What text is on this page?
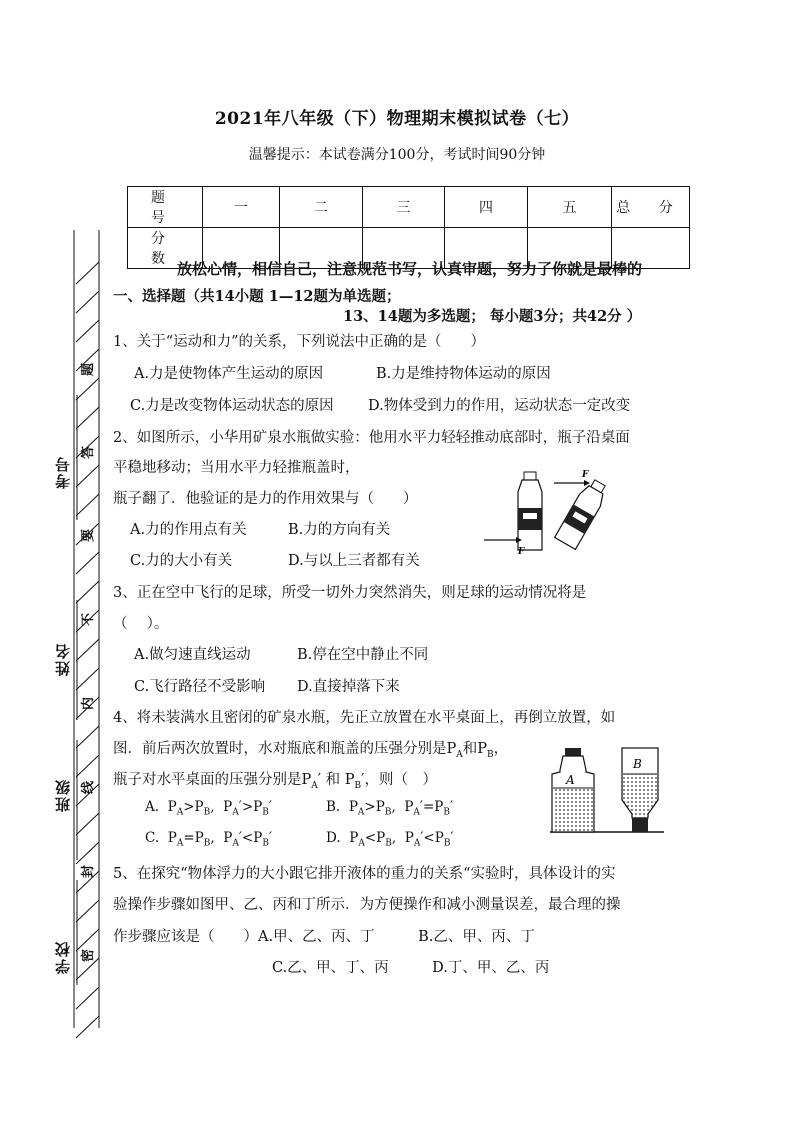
2021年八年级（下）物理期末模拟试卷（七）
温馨提示：本试卷满分100分，考试时间90分钟
题 号	一	二	三	四	五	总 分
分 数						
考号
姓名
班级
学校
题
答
要
不
内
线
封
密
放松心情，相信自己，注意规范书写，认真审题，努力了你就是最棒的
一、选择题（共14小题 1—12题为单选题；
13、14题为多选题； 每小题3分；共42分 ）
1、关于“运动和力”的关系，下列说法中正确的是（　　）
A.力是使物体产生运动的原因	B.力是维持物体运动的原因
C.力是改变物体运动状态的原因 D.物体受到力的作用，运动状态一定改变
2、如图所示，小华用矿泉水瓶做实验：他用水平力轻轻推动底部时，瓶子沿桌面
平稳地移动；当用水平力轻推瓶盖时，
瓶子翻了．他验证的是力的作用效果与（　　）
A.力的作用点有关	B.力的方向有关
C.力的大小有关	D.与以上三者都有关
F
F
3、正在空中飞行的足球，所受一切外力突然消失，则足球的运动情况将是
（　 ）。
A.做匀速直线运动	B.停在空中静止不同
C.飞行路径不受影响 D.直接掉落下来
4、将未装满水且密闭的矿泉水瓶，先正立放置在水平桌面上，再倒立放置，如
图．前后两次放置时，水对瓶底和瓶盖的压强分别是$P_A$和$P_B$，
瓶子对水平桌面的压强分别是$P_A'$ 和 $P_B'$，则（　）
A. $P_A>P_B$,  $P_A'>P_B'$	B. $P_A>P_B$,  $P_A'=P_B'$
C. $P_A=P_B$,  $P_A'<P_B'$	D. $P_A<P_B$,  $P_A'<P_B'$
A
B
5、在探究“物体浮力的大小跟它排开液体的重力的关系“实验时，具体设计的实
验操作步骤如图甲、乙、丙和丁所示．为方便操作和减小测量误差，最合理的操
作步骤应该是（　　）A.甲、乙、丙、丁　　　B.乙、甲、丙、丁
C.乙、甲、丁、丙　　　D.丁、甲、乙、丙
